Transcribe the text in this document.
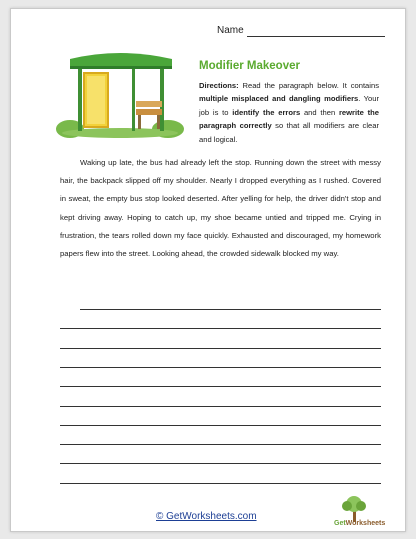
Name
Modifier Makeover
Directions: Read the paragraph below. It contains multiple misplaced and dangling modifiers. Your job is to identify the errors and then rewrite the paragraph correctly so that all modifiers are clear and logical.

Waking up late, the bus had already left the stop. Running down the street with messy hair, the backpack slipped off my shoulder. Nearly I dropped everything as I rushed. Covered in sweat, the empty bus stop looked deserted. After yelling for help, the driver didn't stop and kept driving away. Hoping to catch up, my shoe became untied and tripped me. Crying in frustration, the tears rolled down my face quickly. Exhausted and discouraged, my homework papers flew into the street. Looking ahead, the crowded sidewalk blocked my way.

© GetWorksheets.com
GetWorksheets
